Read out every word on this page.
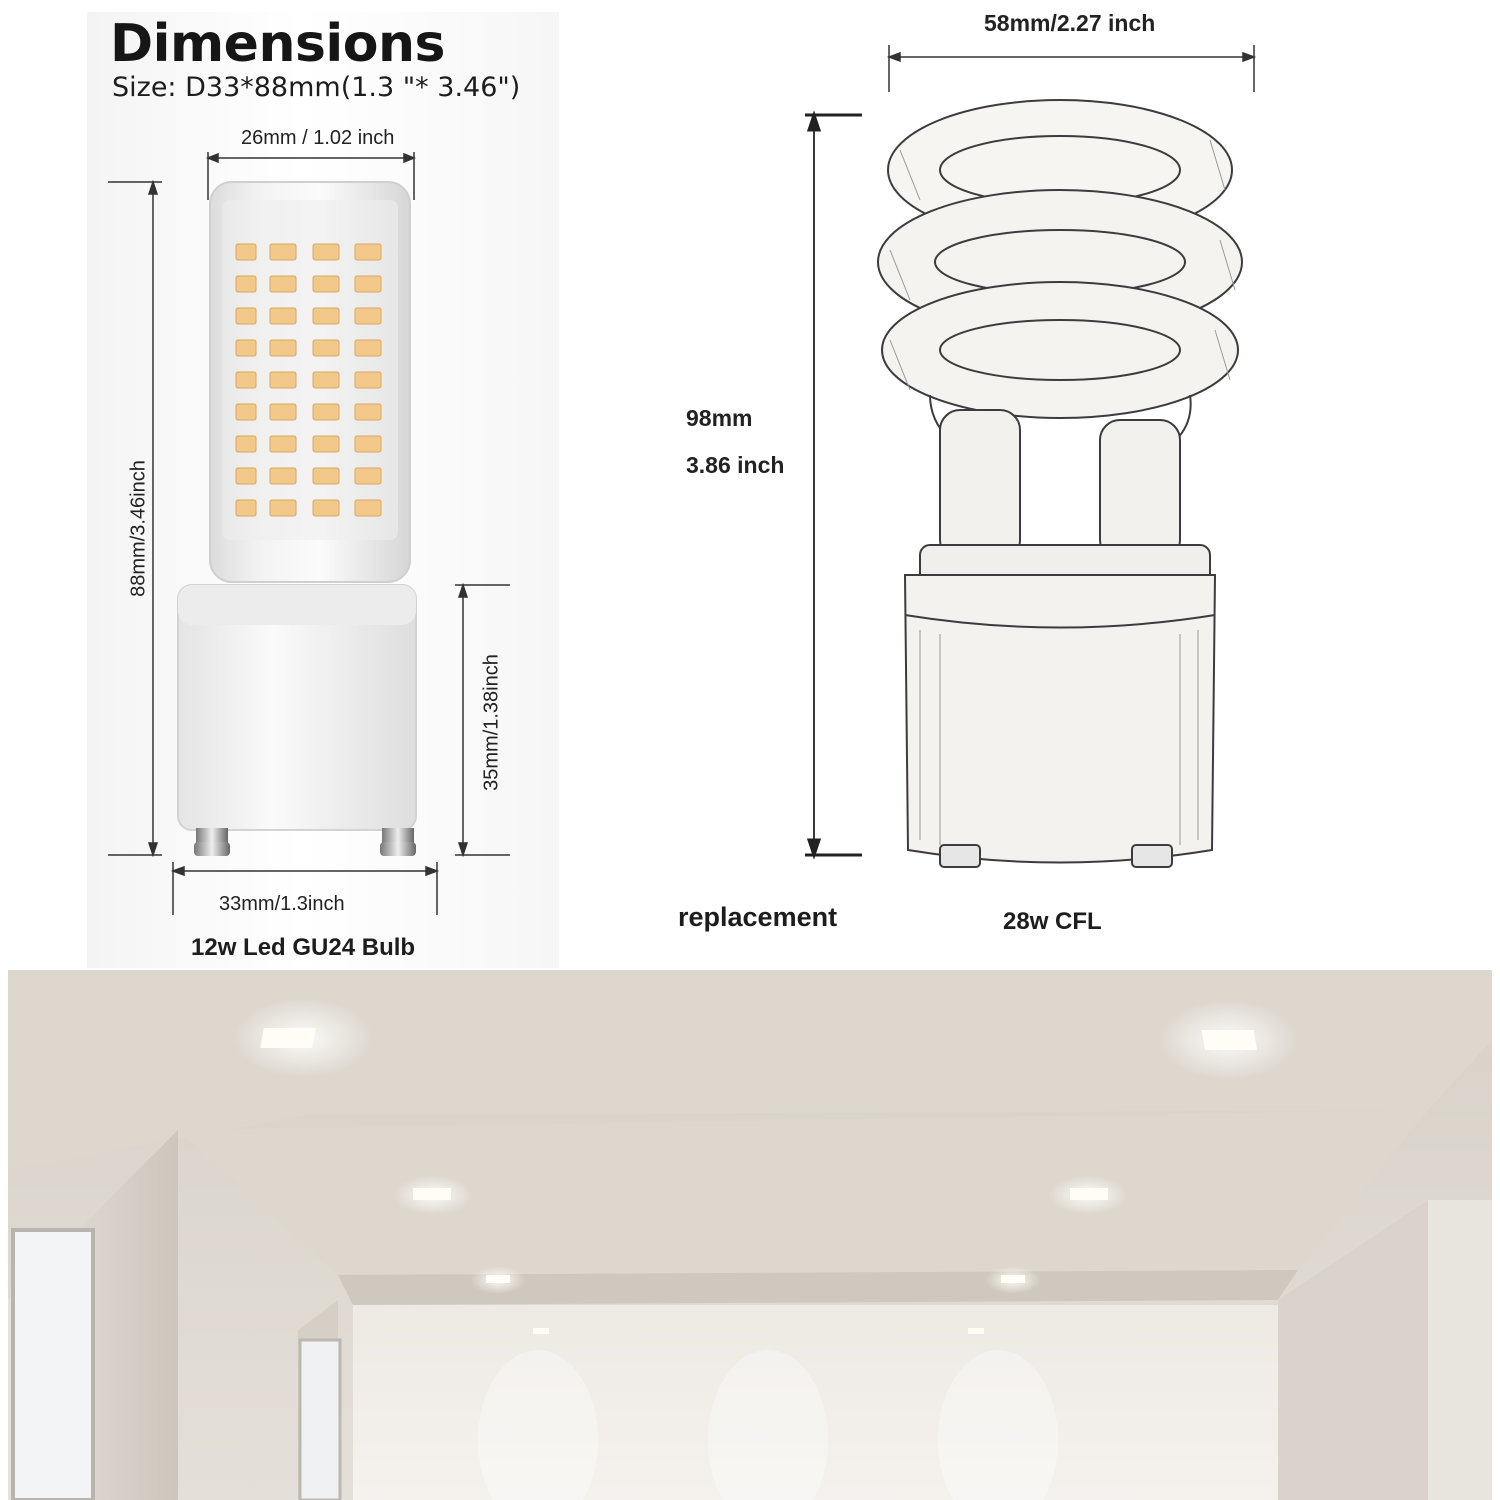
Dimensions
Size: D33*88mm(1.3 "* 3.46")
26mm / 1.02 inch
88mm/3.46inch
35mm/1.38inch
33mm/1.3inch
12w Led GU24 Bulb
58mm/2.27 inch
98mm
3.86 inch
replacement	28w CFL
